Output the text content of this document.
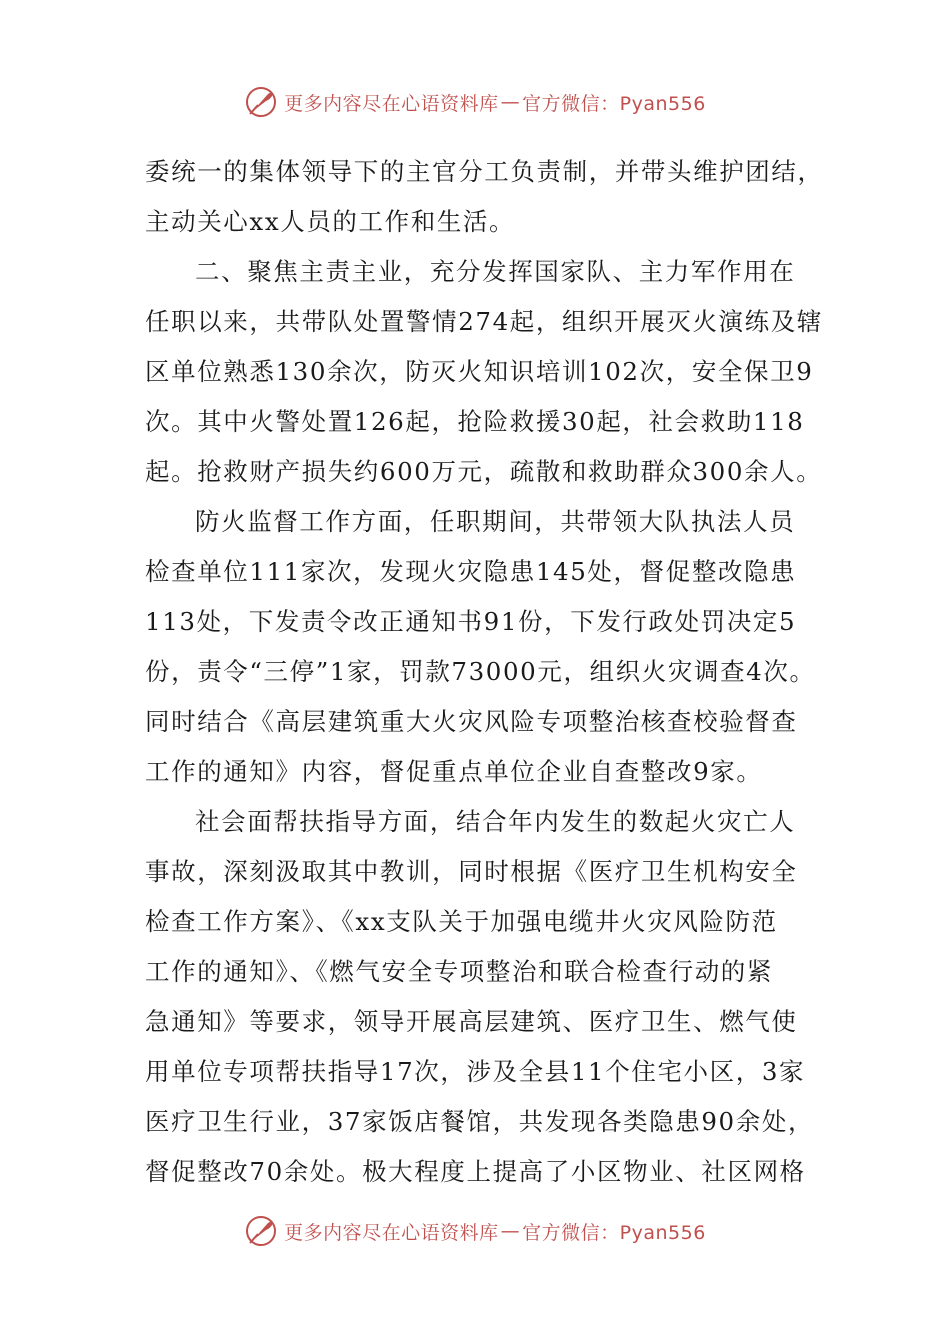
更多内容尽在心语资料库 — 官方微信：Pyan556
委统一的集体领导下的主官分工负责制，并带头维护团结，
主动关心xx人员的工作和生活。
二、聚焦主责主业，充分发挥国家队、主力军作用在
任职以来，共带队处置警情274起，组织开展灭火演练及辖
区单位熟悉130余次，防灭火知识培训102次，安全保卫9
次。其中火警处置126起，抢险救援30起，社会救助118
起。抢救财产损失约600万元，疏散和救助群众300余人。
防火监督工作方面，任职期间，共带领大队执法人员
检查单位111家次，发现火灾隐患145处，督促整改隐患
113处，下发责令改正通知书91份，下发行政处罚决定5
份，责令“三停”1家，罚款73000元，组织火灾调查4次。
同时结合《高层建筑重大火灾风险专项整治核查校验督查
工作的通知》内容，督促重点单位企业自查整改9家。
社会面帮扶指导方面，结合年内发生的数起火灾亡人
事故，深刻汲取其中教训，同时根据《医疗卫生机构安全
检查工作方案》、《xx支队关于加强电缆井火灾风险防范
工作的通知》、《燃气安全专项整治和联合检查行动的紧
急通知》等要求，领导开展高层建筑、医疗卫生、燃气使
用单位专项帮扶指导17次，涉及全县11个住宅小区，3家
医疗卫生行业，37家饭店餐馆，共发现各类隐患90余处，
督促整改70余处。极大程度上提高了小区物业、社区网格
更多内容尽在心语资料库 — 官方微信：Pyan556
